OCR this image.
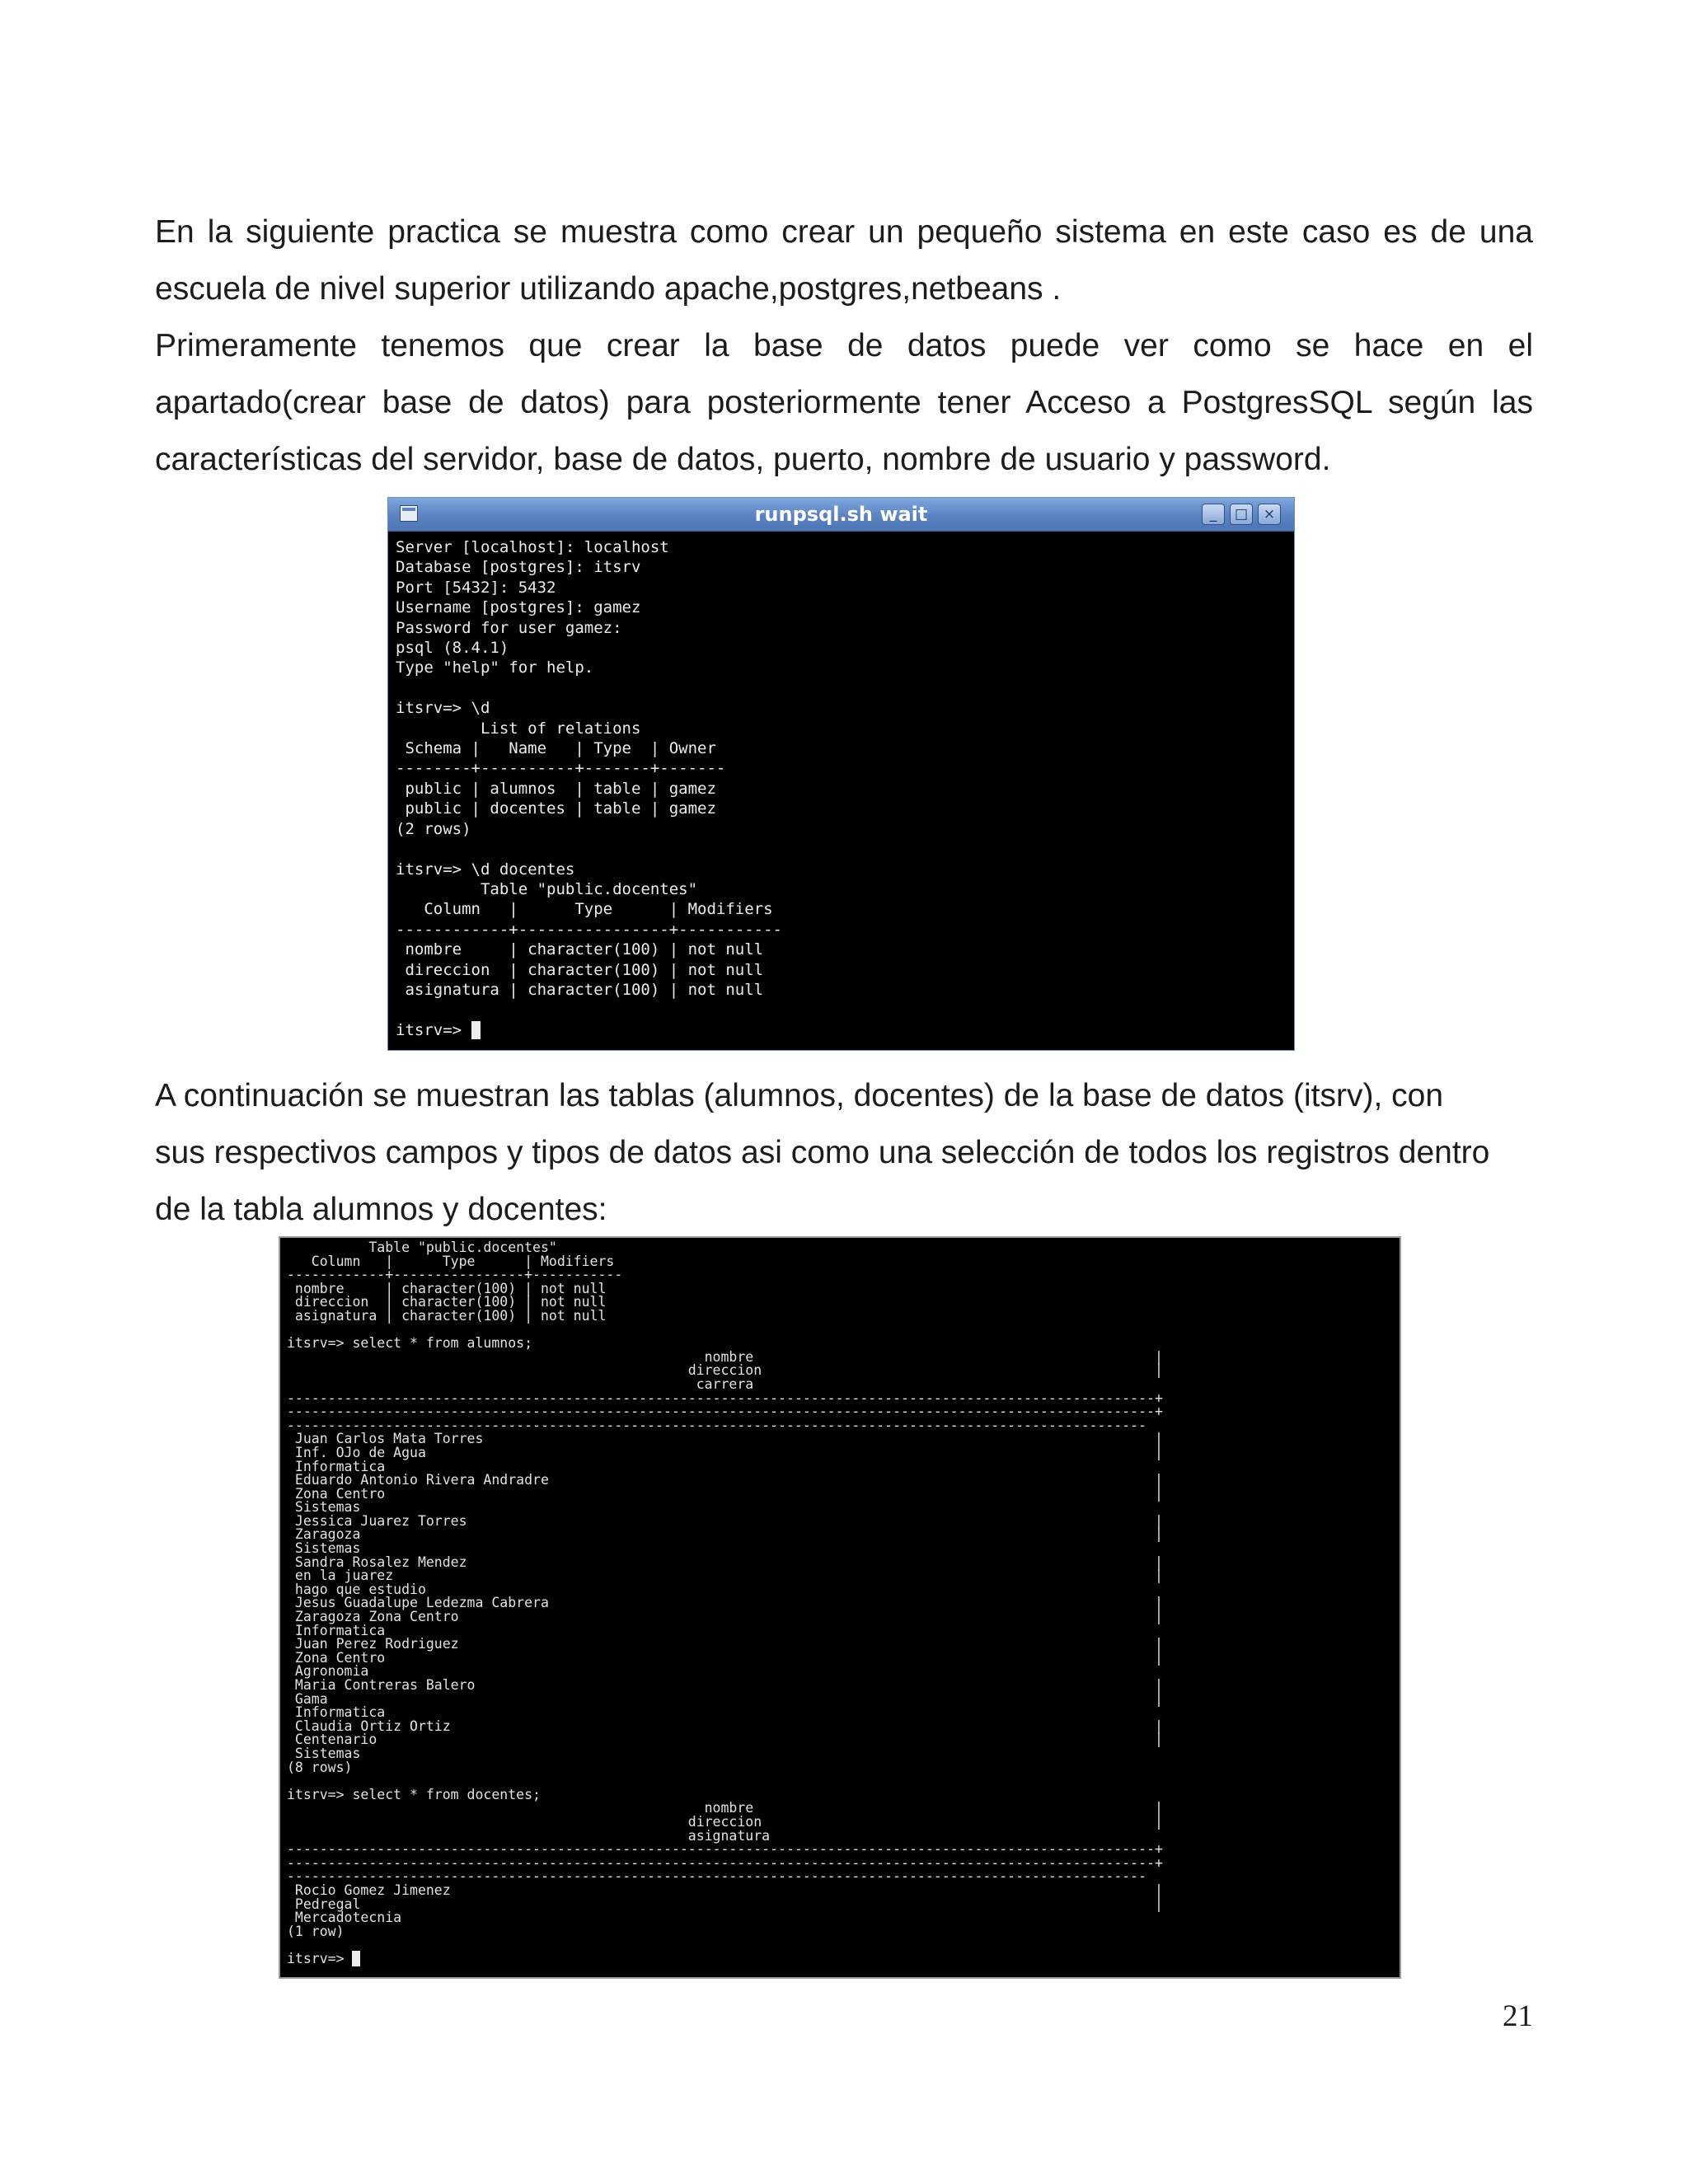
En la siguiente practica se muestra como crear un pequeño sistema en este caso es de una
escuela de nivel superior utilizando apache,postgres,netbeans .
Primeramente tenemos que crear la base de datos puede ver como se hace en el
apartado(crear base de datos) para posteriormente tener Acceso a PostgresSQL según las
características del servidor, base de datos, puerto, nombre de usuario y password.
runpsql.sh wait	_	□	×
Server [localhost]: localhost
Database [postgres]: itsrv
Port [5432]: 5432
Username [postgres]: gamez
Password for user gamez:
psql (8.4.1)
Type "help" for help.

itsrv=> \d
List of relations
Schema |   Name   | Type  | Owner
--------+----------+-------+-------
public | alumnos  | table | gamez
public | docentes | table | gamez
(2 rows)

itsrv=> \d docentes
Table "public.docentes"
Column   |      Type      | Modifiers
------------+----------------+-----------
nombre     | character(100) | not null
direccion  | character(100) | not null
asignatura | character(100) | not null

itsrv=>
A continuación se muestran las tablas (alumnos, docentes) de la base de datos (itsrv), con
sus respectivos campos y tipos de datos asi como una selección de todos los registros dentro
de la tabla alumnos y docentes:
Table "public.docentes"
Column   |      Type      | Modifiers
------------+----------------+-----------
nombre     | character(100) | not null
direccion  | character(100) | not null
asignatura | character(100) | not null

itsrv=> select * from alumnos;
nombre                                                 |
direccion                                                |
carrera
----------------------------------------------------------------------------------------------------------+
----------------------------------------------------------------------------------------------------------+
---------------------------------------------------------------------------------------------------------
Juan Carlos Mata Torres                                                                                  |
Inf. OJo de Agua                                                                                         |
Informatica
Eduardo Antonio Rivera Andradre                                                                          |
Zona Centro                                                                                              |
Sistemas
Jessica Juarez Torres                                                                                    |
Zaragoza                                                                                                 |
Sistemas
Sandra Rosalez Mendez                                                                                    |
en la juarez                                                                                             |
hago que estudio
Jesus Guadalupe Ledezma Cabrera                                                                          |
Zaragoza Zona Centro                                                                                     |
Informatica
Juan Perez Rodriguez                                                                                     |
Zona Centro                                                                                              |
Agronomia
Maria Contreras Balero                                                                                   |
Gama                                                                                                     |
Informatica
Claudia Ortiz Ortiz                                                                                      |
Centenario                                                                                               |
Sistemas
(8 rows)

itsrv=> select * from docentes;
nombre                                                 |
direccion                                                |
asignatura
----------------------------------------------------------------------------------------------------------+
----------------------------------------------------------------------------------------------------------+
---------------------------------------------------------------------------------------------------------
Rocio Gomez Jimenez                                                                                      |
Pedregal                                                                                                 |
Mercadotecnia
(1 row)

itsrv=>
21
